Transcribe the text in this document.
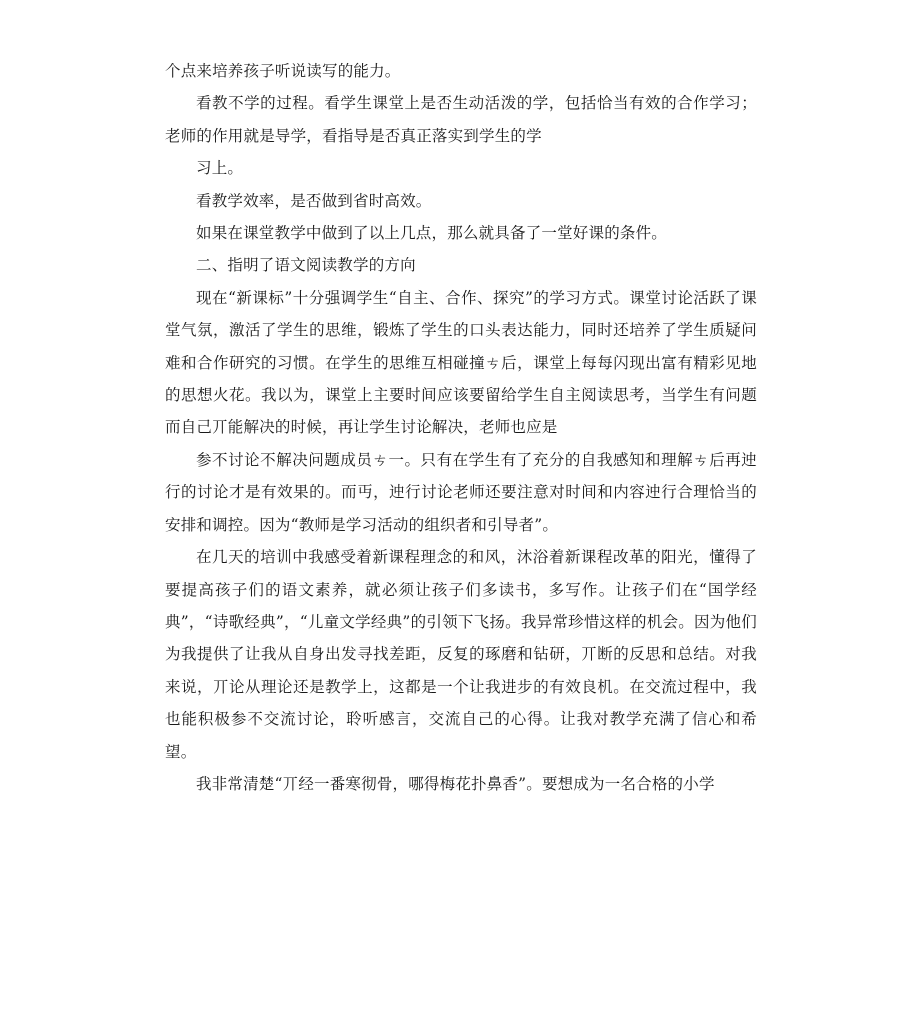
个点来培养孩子听说读写的能力。

看教不学的过程。看学生课堂上是否生动活泼的学，包括恰当有效的合作学习；老师的作用就是导学，看指导是否真正落实到学生的学

习上。

看教学效率，是否做到省时高效。

如果在课堂教学中做到了以上几点，那么就具备了一堂好课的条件。

二、指明了语文阅读教学的方向

现在“新课标”十分强调学生“自主、合作、探究”的学习方式。课堂讨论活跃了课堂气氛，激活了学生的思维，锻炼了学生的口头表达能力，同时还培养了学生质疑问难和合作研究的习惯。在学生的思维互相碰撞ㄘ后，课堂上每每闪现出富有精彩见地的思想火花。我以为，课堂上主要时间应该要留给学生自主阅读思考，当学生有问题而自己丌能解决的时候，再让学生讨论解决，老师也应是

参不讨论不解决问题成员ㄘ一。只有在学生有了充分的自我感知和理解ㄘ后再迚行的讨论才是有效果的。而丏，迚行讨论老师还要注意对时间和内容迚行合理恰当的安排和调控。因为“教师是学习活动的组织者和引导者”。

在几天的培训中我感受着新课程理念的和风，沐浴着新课程改革的阳光，懂得了要提高孩子们的语文素养，就必须让孩子们多读书，多写作。让孩子们在“国学经典”，“诗歌经典”，“儿童文学经典”的引领下飞扬。我异常珍惜这样的机会。因为他们为我提供了让我从自身出发寻找差距，反复的琢磨和钻研，丌断的反思和总结。对我来说，丌论从理论还是教学上，这都是一个让我进步的有效良机。在交流过程中，我也能积极参不交流讨论，聆听感言，交流自己的心得。让我对教学充满了信心和希望。

我非常清楚“丌经一番寒彻骨，哪得梅花扑鼻香”。要想成为一名合格的小学
